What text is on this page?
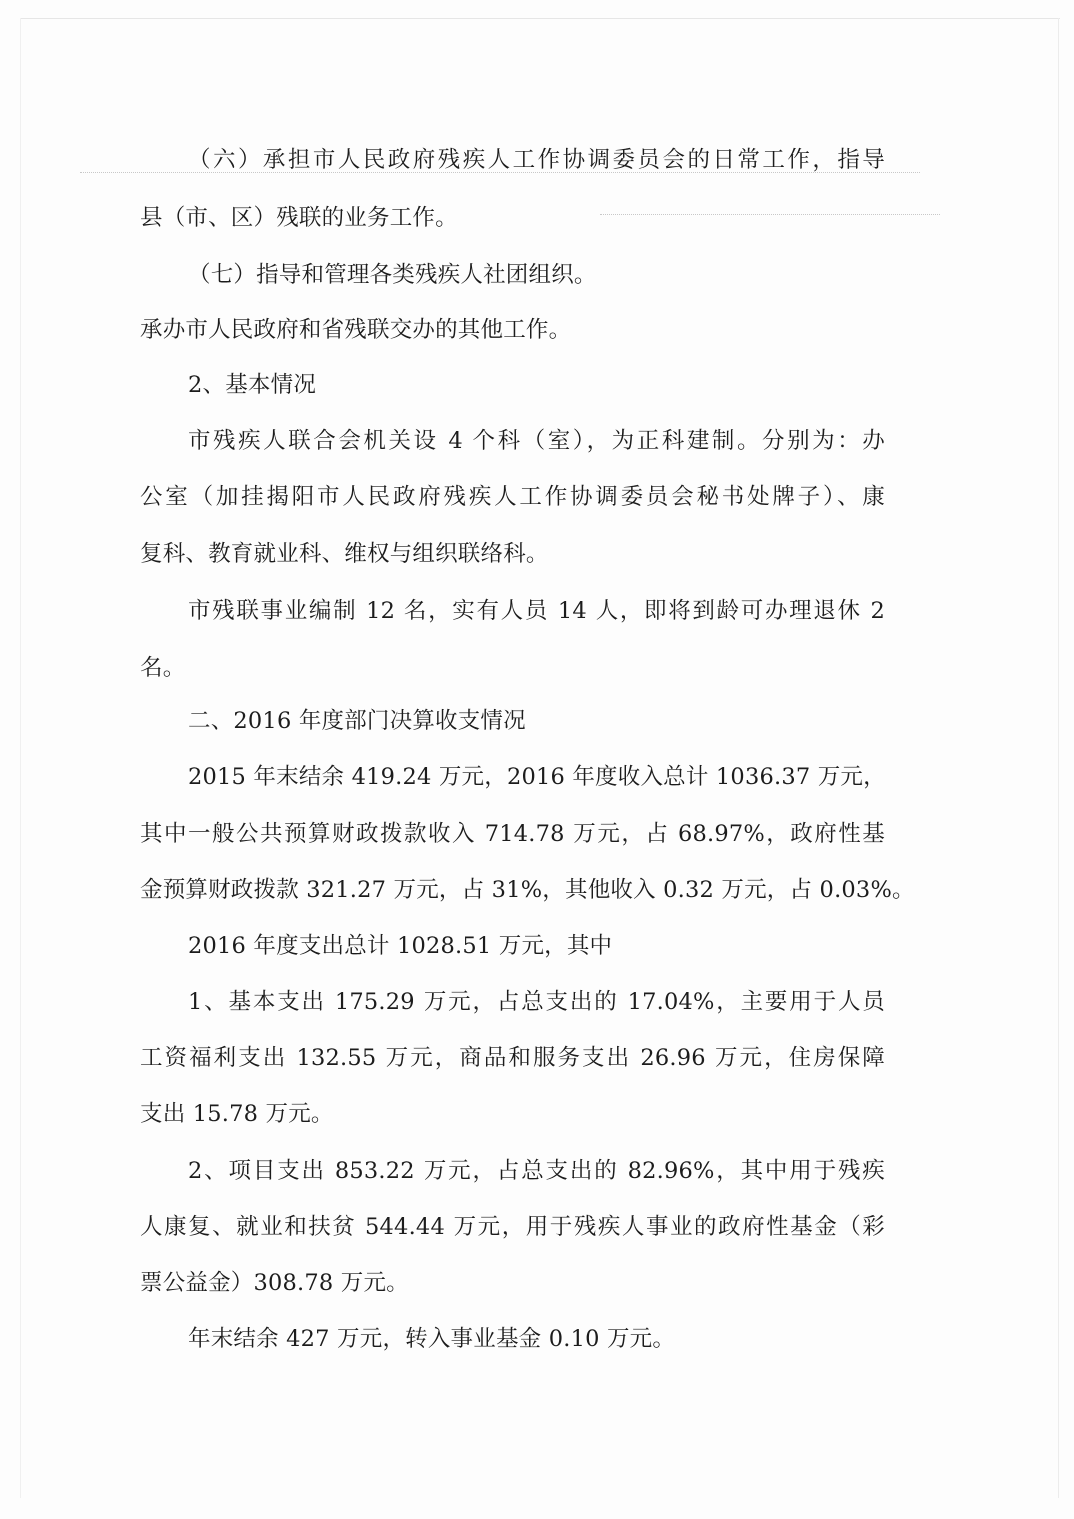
（六）承担市人民政府残疾人工作协调委员会的日常工作，指导
县（市、区）残联的业务工作。
（七）指导和管理各类残疾人社团组织。
承办市人民政府和省残联交办的其他工作。
2、基本情况
市残疾人联合会机关设 4 个科（室），为正科建制。分别为：办
公室（加挂揭阳市人民政府残疾人工作协调委员会秘书处牌子）、康
复科、教育就业科、维权与组织联络科。
市残联事业编制 12 名，实有人员 14 人，即将到龄可办理退休 2
名。
二、2016 年度部门决算收支情况
2015 年末结余 419.24 万元，2016 年度收入总计 1036.37 万元，
其中一般公共预算财政拨款收入 714.78 万元，占 68.97%，政府性基
金预算财政拨款 321.27 万元，占 31%，其他收入 0.32 万元，占 0.03%。
2016 年度支出总计 1028.51 万元，其中
1、基本支出 175.29 万元，占总支出的 17.04%，主要用于人员
工资福利支出 132.55 万元，商品和服务支出 26.96 万元，住房保障
支出 15.78 万元。
2、项目支出 853.22 万元，占总支出的 82.96%，其中用于残疾
人康复、就业和扶贫 544.44 万元，用于残疾人事业的政府性基金（彩
票公益金）308.78 万元。
年末结余 427 万元，转入事业基金 0.10 万元。
